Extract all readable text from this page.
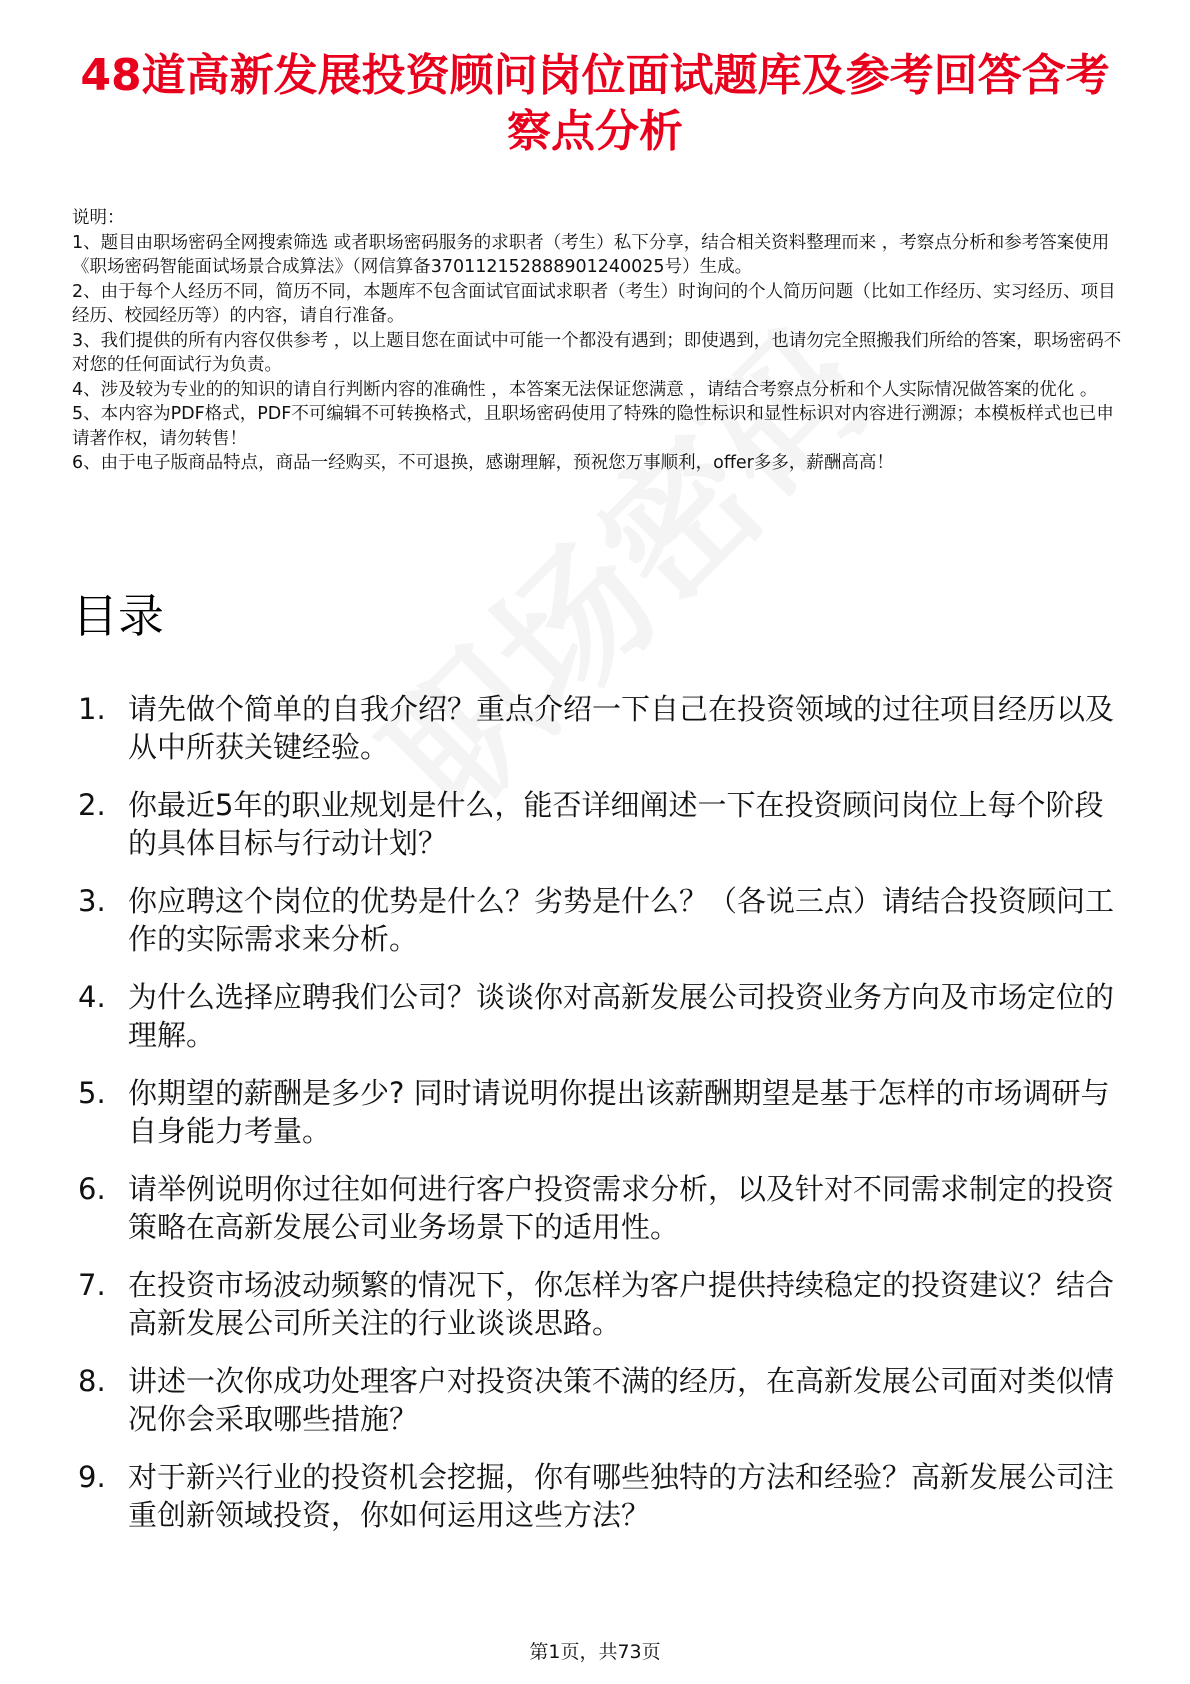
48道高新发展投资顾问岗位面试题库及参考回答含考察点分析

说明：

1、题目由职场密码全网搜索筛选 或者职场密码服务的求职者（考生）私下分享，结合相关资料整理而来 ，考察点分析和参考答案使用《职场密码智能面试场景合成算法》（网信算备370112152888901240025号）生成。

2、由于每个人经历不同，简历不同，本题库不包含面试官面试求职者（考生）时询问的个人简历问题（比如工作经历、实习经历、项目经历、校园经历等）的内容，请自行准备。

3、我们提供的所有内容仅供参考 ，以上题目您在面试中可能一个都没有遇到；即使遇到，也请勿完全照搬我们所给的答案，职场密码不对您的任何面试行为负责。

4、涉及较为专业的的知识的请自行判断内容的准确性 ，本答案无法保证您满意 ，请结合考察点分析和个人实际情况做答案的优化 。

5、本内容为PDF格式，PDF不可编辑不可转换格式，且职场密码使用了特殊的隐性标识和显性标识对内容进行溯源；本模板样式也已申请著作权，请勿转售！

6、由于电子版商品特点，商品一经购买，不可退换，感谢理解，预祝您万事顺利，offer多多，薪酬高高！

目录
1. 请先做个简单的自我介绍？重点介绍一下自己在投资领域的过往项目经历以及从中所获关键经验。
2. 你最近5年的职业规划是什么，能否详细阐述一下在投资顾问岗位上每个阶段的具体目标与行动计划？
3. 你应聘这个岗位的优势是什么？劣势是什么？（各说三点）请结合投资顾问工作的实际需求来分析。
4. 为什么选择应聘我们公司？谈谈你对高新发展公司投资业务方向及市场定位的理解。
5. 你期望的薪酬是多少? 同时请说明你提出该薪酬期望是基于怎样的市场调研与自身能力考量。
6. 请举例说明你过往如何进行客户投资需求分析，以及针对不同需求制定的投资策略在高新发展公司业务场景下的适用性。
7. 在投资市场波动频繁的情况下，你怎样为客户提供持续稳定的投资建议？结合高新发展公司所关注的行业谈谈思路。
8. 讲述一次你成功处理客户对投资决策不满的经历，在高新发展公司面对类似情况你会采取哪些措施？
9. 对于新兴行业的投资机会挖掘，你有哪些独特的方法和经验？高新发展公司注重创新领域投资，你如何运用这些方法？
第1页，共73页
